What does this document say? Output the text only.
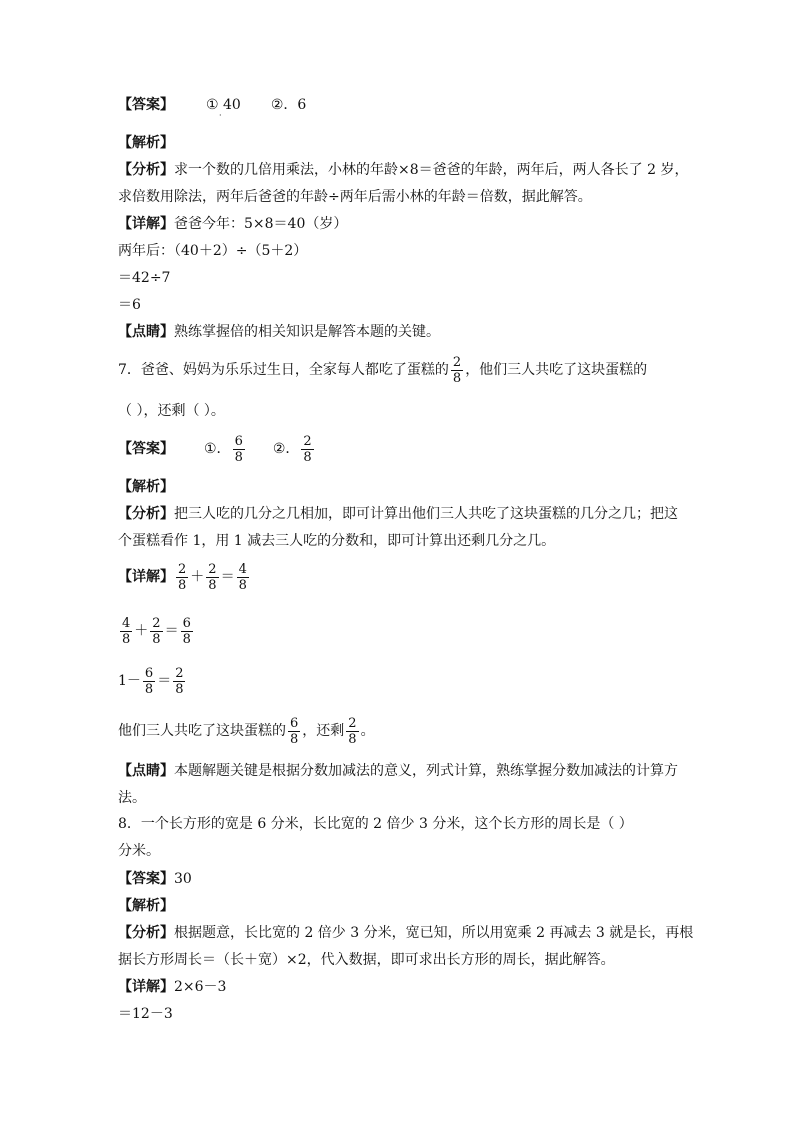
【答案】 ① 40 ②．6
·
【解析】
【分析】求一个数的几倍用乘法，小林的年龄×8＝爸爸的年龄，两年后，两人各长了 2 岁，
求倍数用除法，两年后爸爸的年龄÷两年后需小林的年龄＝倍数，据此解答。
【详解】爸爸今年：5×8＝40（岁）
两年后：（40＋2）÷（5＋2）
＝42÷7
＝6
【点睛】熟练掌握倍的相关知识是解答本题的关键。
7．爸爸、妈妈为乐乐过生日，全家每人都吃了蛋糕的 $\frac{2}{8}$ ，他们三人共吃了这块蛋糕的
（ ），还剩（ ）。
【答案】 ①． $\frac{6}{8}$ ②． $\frac{2}{8}$
【解析】
【分析】把三人吃的几分之几相加，即可计算出他们三人共吃了这块蛋糕的几分之几；把这
个蛋糕看作 1，用 1 减去三人吃的分数和，即可计算出还剩几分之几。
【详解】 $\frac{2}{8} + \frac{2}{8} = \frac{4}{8}$
$\frac{4}{8} + \frac{2}{8} = \frac{6}{8}$
$1- \frac{6}{8} = \frac{2}{8}$
他们三人共吃了这块蛋糕的 $\frac{6}{8}$ ，还剩 $\frac{2}{8}$ 。
【点睛】本题解题关键是根据分数加减法的意义，列式计算，熟练掌握分数加减法的计算方
法。
8．一个长方形的宽是 6 分米，长比宽的 2 倍少 3 分米，这个长方形的周长是（ ）
分米。
【答案】30
【解析】
【分析】根据题意，长比宽的 2 倍少 3 分米，宽已知，所以用宽乘 2 再减去 3 就是长，再根
据长方形周长＝（长＋宽）×2，代入数据，即可求出长方形的周长，据此解答。
【详解】2×6－3
＝12－3
